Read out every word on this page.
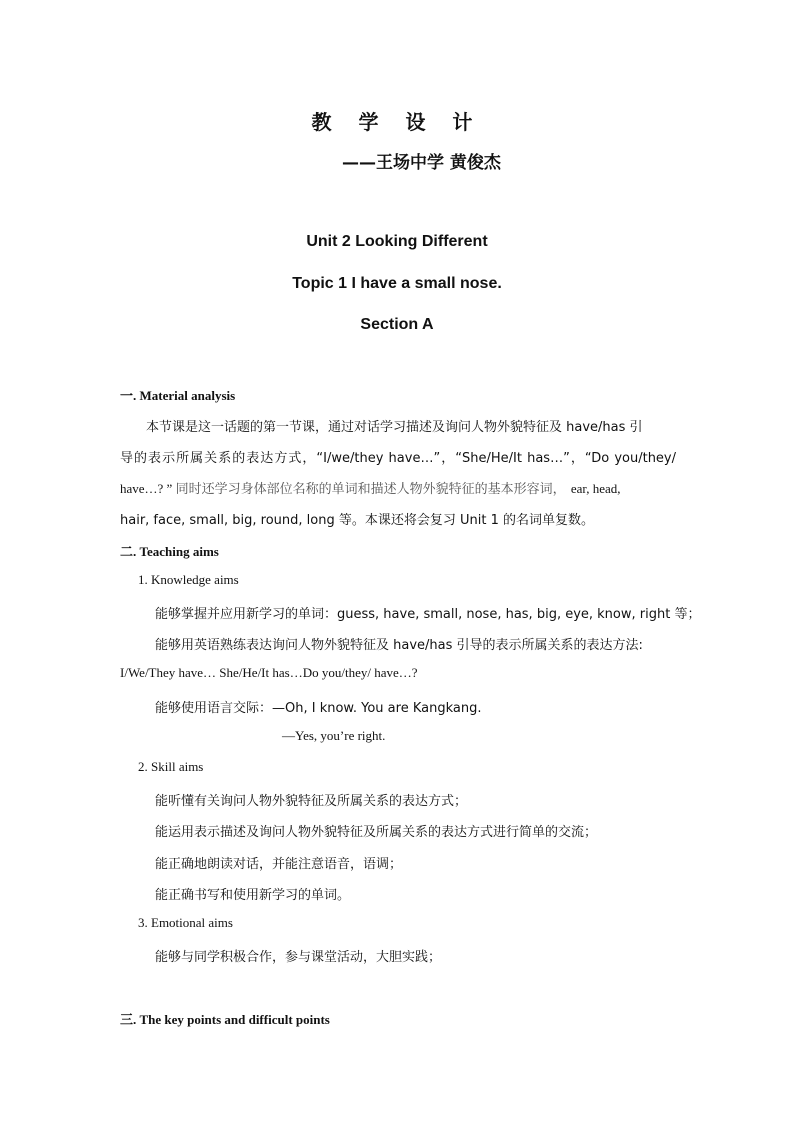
教 学 设 计
——王场中学 黄俊杰
Unit 2 Looking Different
Topic 1 I have a small nose.
Section A
一. Material analysis
本节课是这一话题的第一节课，通过对话学习描述及询问人物外貌特征及 have/has 引
导的表示所属关系的表达方式，“I/we/they have…”，“She/He/It has…”，“Do you/they/
have…? ” 同时还学习身体部位名称的单词和描述人物外貌特征的基本形容词， ear, head,
hair, face, small, big, round, long 等。本课还将会复习 Unit 1 的名词单复数。
二. Teaching aims
1. Knowledge aims
能够掌握并应用新学习的单词：guess, have, small, nose, has, big, eye, know, right 等；
能够用英语熟练表达询问人物外貌特征及 have/has 引导的表示所属关系的表达方法:
I/We/They have… She/He/It has…Do you/they/ have…?
能够使用语言交际：—Oh, I know. You are Kangkang.
—Yes, you’re right.
2. Skill aims
能听懂有关询问人物外貌特征及所属关系的表达方式；
能运用表示描述及询问人物外貌特征及所属关系的表达方式进行简单的交流；
能正确地朗读对话，并能注意语音，语调；
能正确书写和使用新学习的单词。
3. Emotional aims
能够与同学积极合作，参与课堂活动，大胆实践；
三. The key points and difficult points
